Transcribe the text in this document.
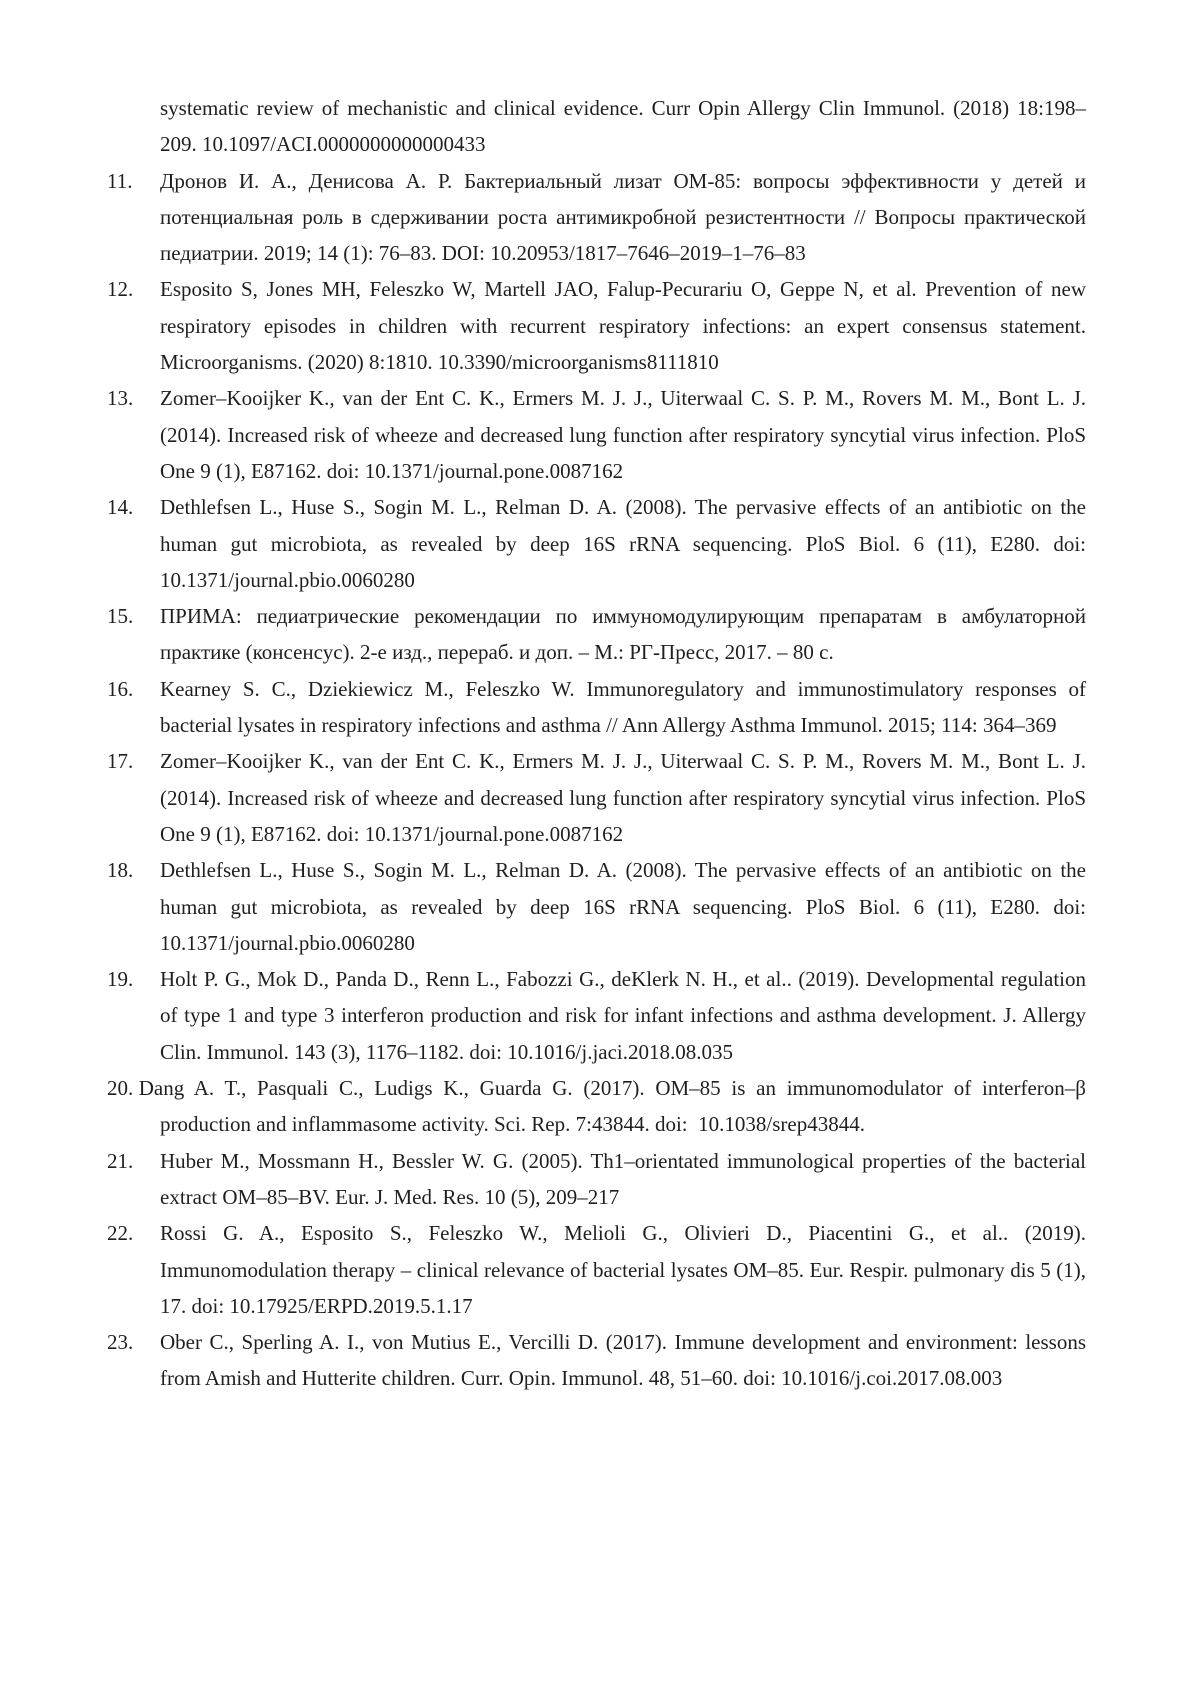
systematic review of mechanistic and clinical evidence. Curr Opin Allergy Clin Immunol. (2018) 18:198–209. 10.1097/ACI.0000000000000433

11. Дронов И. А., Денисова А. Р. Бактериальный лизат ОМ-85: вопросы эффективности у детей и потенциальная роль в сдерживании роста антимикробной резистентности // Вопросы практической педиатрии. 2019; 14 (1): 76–83. DOI: 10.20953/1817–7646–2019–1–76–83

12. Esposito S, Jones MH, Feleszko W, Martell JAO, Falup-Pecurariu O, Geppe N, et al. Prevention of new respiratory episodes in children with recurrent respiratory infections: an expert consensus statement. Microorganisms. (2020) 8:1810. 10.3390/microorganisms8111810

13. Zomer–Kooijker K., van der Ent C. K., Ermers M. J. J., Uiterwaal C. S. P. M., Rovers M. M., Bont L. J. (2014). Increased risk of wheeze and decreased lung function after respiratory syncytial virus infection. PloS One 9 (1), E87162. doi: 10.1371/journal.pone.0087162

14. Dethlefsen L., Huse S., Sogin M. L., Relman D. A. (2008). The pervasive effects of an antibiotic on the human gut microbiota, as revealed by deep 16S rRNA sequencing. PloS Biol. 6 (11), E280. doi: 10.1371/journal.pbio.0060280

15. ПРИМА: педиатрические рекомендации по иммуномодулирующим препаратам в амбулаторной практике (консенсус). 2-е изд., перераб. и доп. – М.: РГ-Пресс, 2017. – 80 с.

16. Kearney S. C., Dziekiewicz M., Feleszko W. Immunoregulatory and immunostimulatory responses of bacterial lysates in respiratory infections and asthma // Ann Allergy Asthma Immunol. 2015; 114: 364–369

17. Zomer–Kooijker K., van der Ent C. K., Ermers M. J. J., Uiterwaal C. S. P. M., Rovers M. M., Bont L. J. (2014). Increased risk of wheeze and decreased lung function after respiratory syncytial virus infection. PloS One 9 (1), E87162. doi: 10.1371/journal.pone.0087162

18. Dethlefsen L., Huse S., Sogin M. L., Relman D. A. (2008). The pervasive effects of an antibiotic on the human gut microbiota, as revealed by deep 16S rRNA sequencing. PloS Biol. 6 (11), E280. doi: 10.1371/journal.pbio.0060280

19. Holt P. G., Mok D., Panda D., Renn L., Fabozzi G., deKlerk N. H., et al.. (2019). Developmental regulation of type 1 and type 3 interferon production and risk for infant infections and asthma development. J. Allergy Clin. Immunol. 143 (3), 1176–1182. doi: 10.1016/j.jaci.2018.08.035

20. Dang A. T., Pasquali C., Ludigs K., Guarda G. (2017). OM–85 is an immunomodulator of interferon–β production and inflammasome activity. Sci. Rep. 7:43844. doi:  10.1038/srep43844.

21. Huber M., Mossmann H., Bessler W. G. (2005). Th1–orientated immunological properties of the bacterial extract OM–85–BV. Eur. J. Med. Res. 10 (5), 209–217

22. Rossi G. A., Esposito S., Feleszko W., Melioli G., Olivieri D., Piacentini G., et al.. (2019). Immunomodulation therapy – clinical relevance of bacterial lysates OM–85. Eur. Respir. pulmonary dis 5 (1), 17. doi: 10.17925/ERPD.2019.5.1.17

23. Ober C., Sperling A. I., von Mutius E., Vercilli D. (2017). Immune development and environment: lessons from Amish and Hutterite children. Curr. Opin. Immunol. 48, 51–60. doi: 10.1016/j.coi.2017.08.003
